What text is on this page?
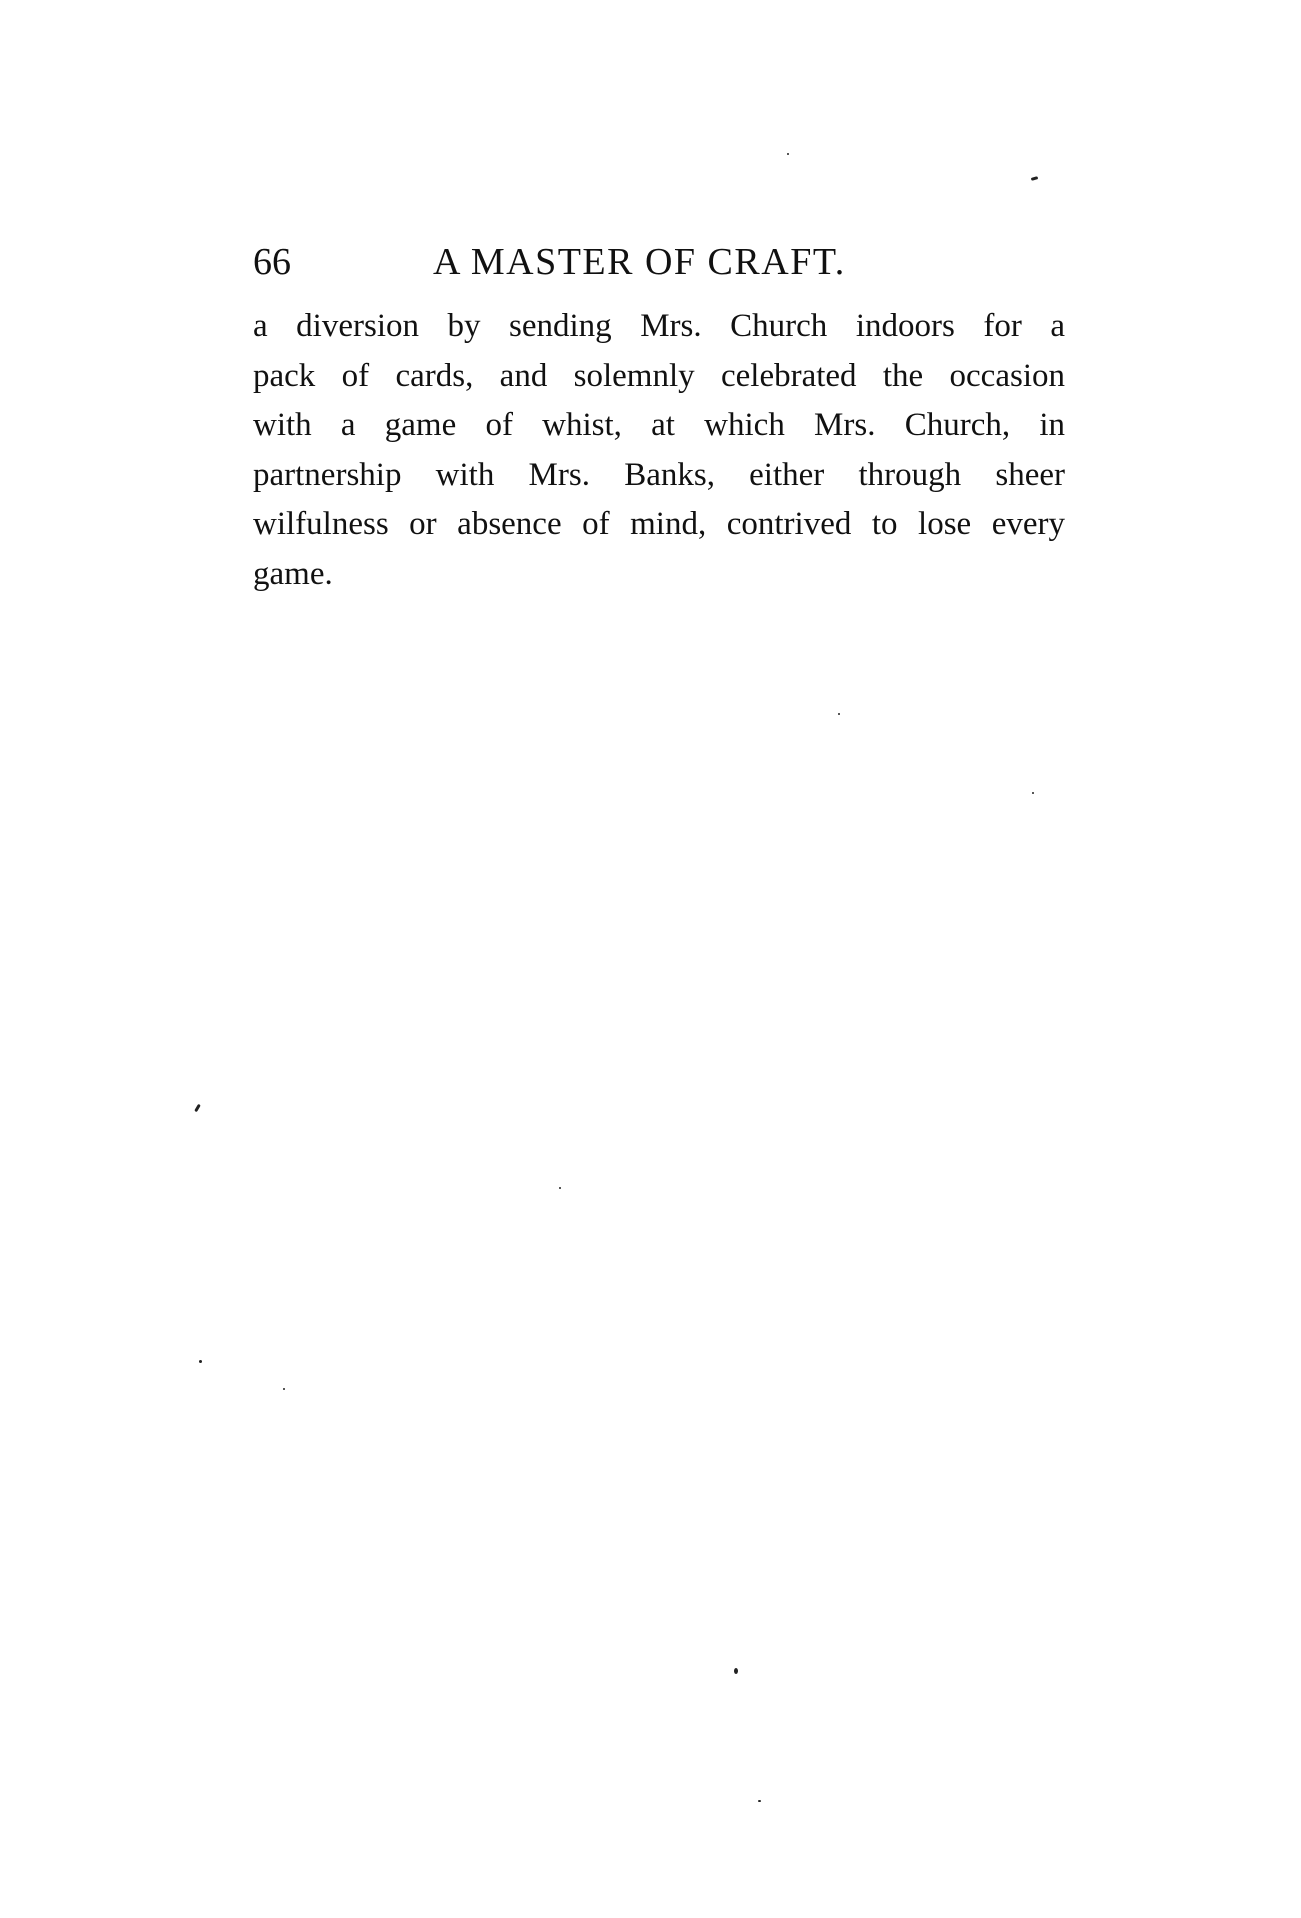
66	A MASTER OF CRAFT.
a diversion by sending Mrs. Church indoors for a
pack of cards, and solemnly celebrated the occasion
with a game of whist, at which Mrs. Church, in
partnership with Mrs. Banks, either through sheer
wilfulness or absence of mind, contrived to lose every
game.
